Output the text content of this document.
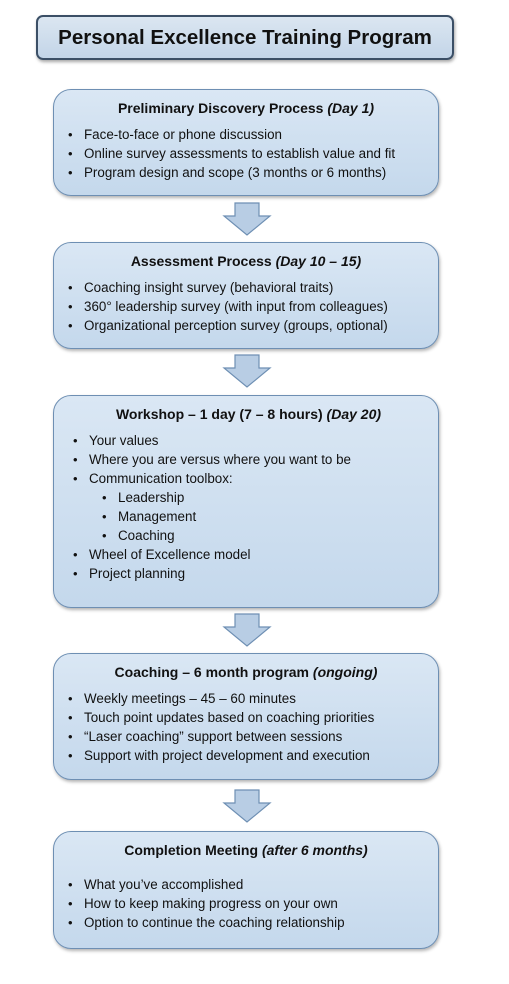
Personal Excellence Training Program
Preliminary Discovery Process (Day 1)
• Face-to-face or phone discussion
• Online survey assessments to establish value and fit
• Program design and scope (3 months or 6 months)
Assessment Process (Day 10 – 15)
• Coaching insight survey (behavioral traits)
• 360° leadership survey (with input from colleagues)
• Organizational perception survey (groups, optional)
Workshop – 1 day (7 – 8 hours) (Day 20)
• Your values
• Where you are versus where you want to be
• Communication toolbox:
• Leadership
• Management
• Coaching
• Wheel of Excellence model
• Project planning
Coaching – 6 month program (ongoing)
• Weekly meetings – 45 – 60 minutes
• Touch point updates based on coaching priorities
• “Laser coaching” support between sessions
• Support with project development and execution
Completion Meeting (after 6 months)
• What you’ve accomplished
• How to keep making progress on your own
• Option to continue the coaching relationship
